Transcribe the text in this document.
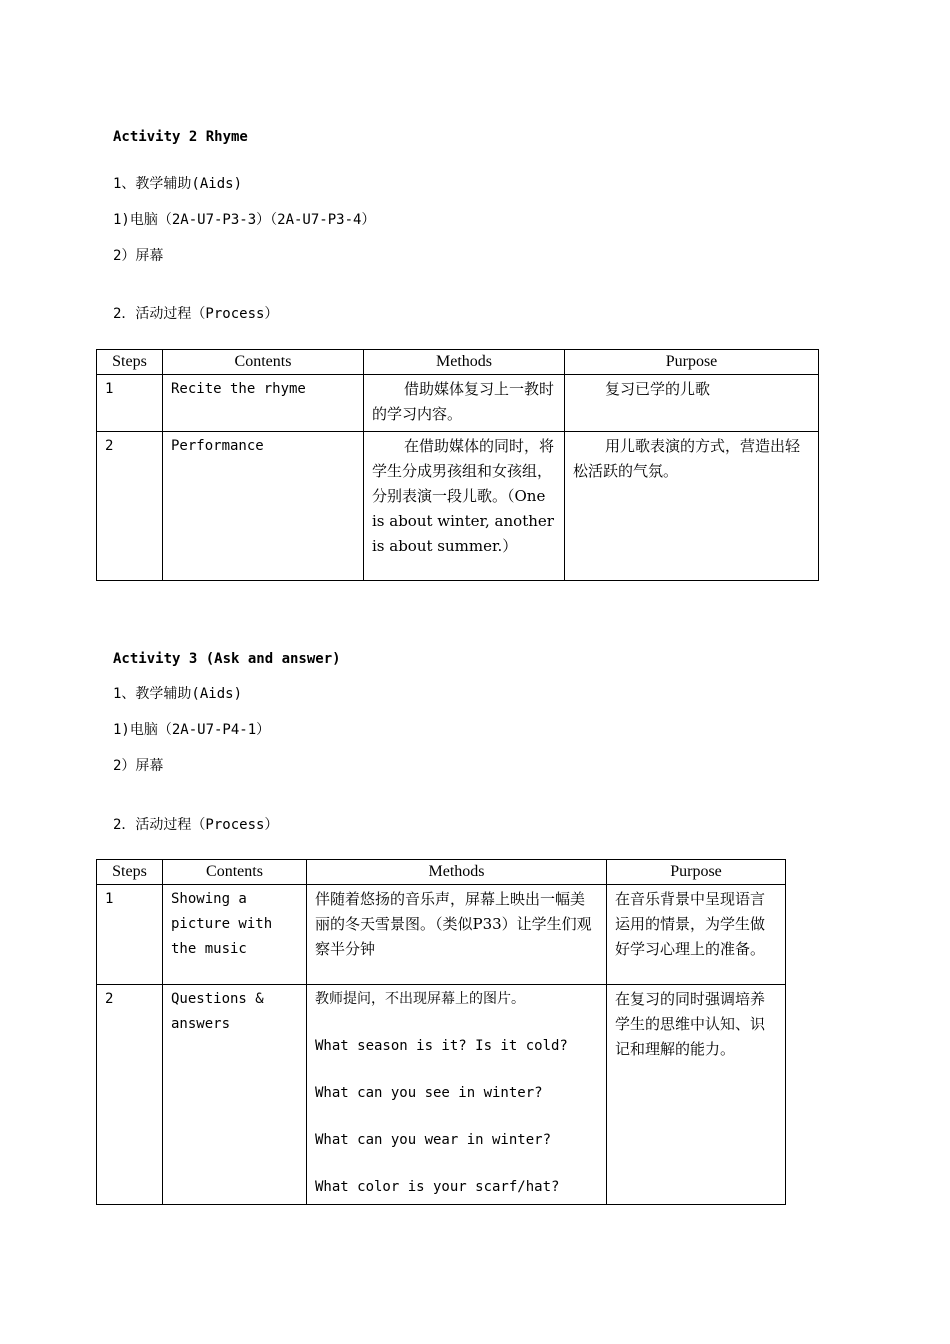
Activity 2 Rhyme
1、教学辅助(Aids)
1)电脑（2A-U7-P3-3）（2A-U7-P3-4）
2）屏幕
2．活动过程（Process）
Steps	Contents	Methods	Purpose
1	Recite the rhyme	借助媒体复习上一教时的学习内容。	复习已学的儿歌
2	Performance	在借助媒体的同时，将学生分成男孩组和女孩组，分别表演一段儿歌。（One is about winter, another is about summer.）	用儿歌表演的方式，营造出轻松活跃的气氛。
Activity 3 (Ask and answer)
1、教学辅助(Aids)
1)电脑（2A-U7-P4-1）
2）屏幕
2．活动过程（Process）
Steps	Contents	Methods	Purpose
1	Showing a picture with the music	伴随着悠扬的音乐声，屏幕上映出一幅美丽的冬天雪景图。（类似P33）让学生们观察半分钟	在音乐背景中呈现语言运用的情景，为学生做好学习心理上的准备。
2	Questions & answers	教师提问，不出现屏幕上的图片。
What season is it? Is it cold?
What can you see in winter?
What can you wear in winter?
What color is your scarf/hat?	在复习的同时强调培养学生的思维中认知、识记和理解的能力。
